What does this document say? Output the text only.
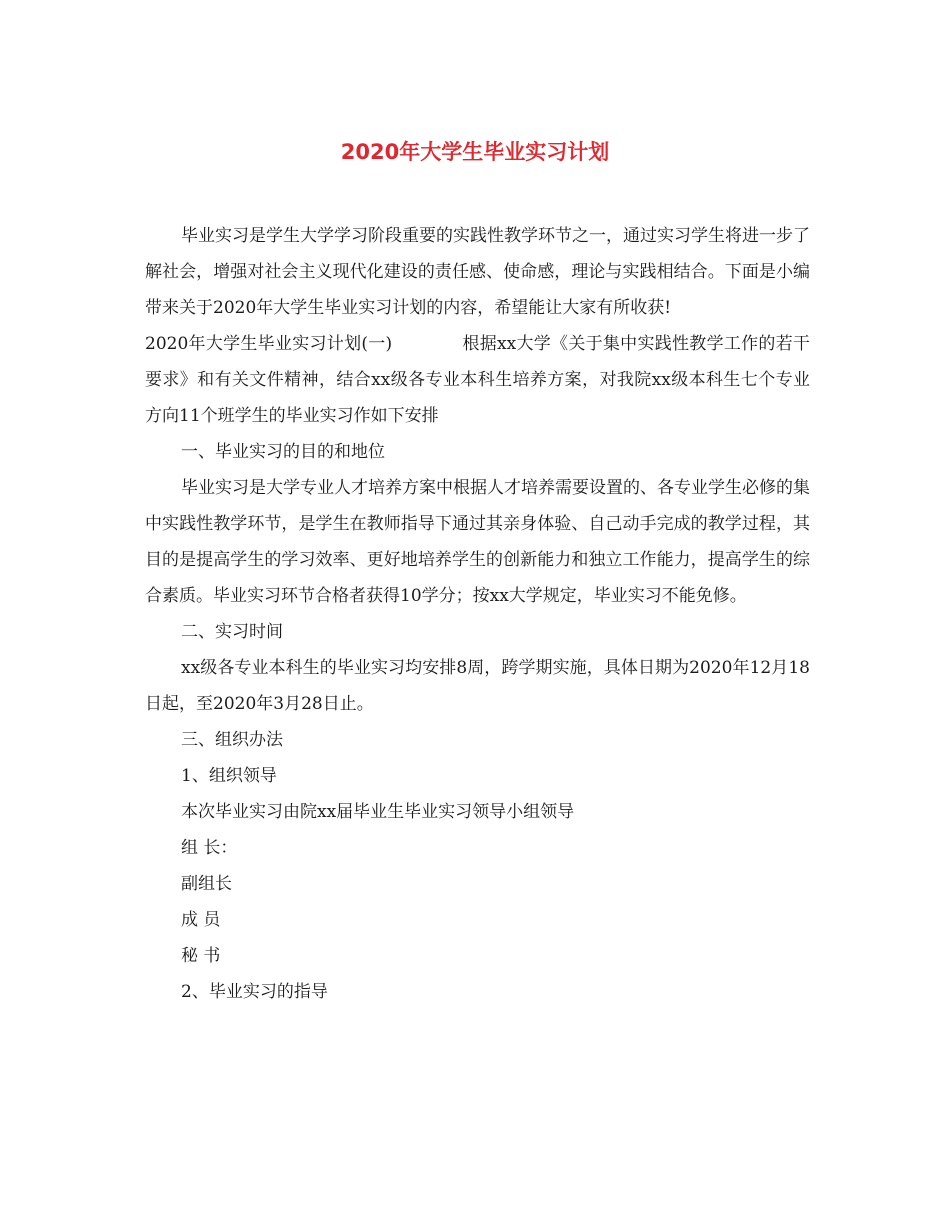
2020年大学生毕业实习计划

毕业实习是学生大学学习阶段重要的实践性教学环节之一，通过实习学生将进一步了解社会，增强对社会主义现代化建设的责任感、使命感，理论与实践相结合。下面是小编带来关于2020年大学生毕业实习计划的内容，希望能让大家有所收获!

2020年大学生毕业实习计划(一)	根据xx大学《关于集中实践性教学工作的若干要求》和有关文件精神，结合xx级各专业本科生培养方案，对我院xx级本科生七个专业方向11个班学生的毕业实习作如下安排

一、毕业实习的目的和地位

毕业实习是大学专业人才培养方案中根据人才培养需要设置的、各专业学生必修的集中实践性教学环节，是学生在教师指导下通过其亲身体验、自己动手完成的教学过程，其目的是提高学生的学习效率、更好地培养学生的创新能力和独立工作能力，提高学生的综合素质。毕业实习环节合格者获得10学分；按xx大学规定，毕业实习不能免修。

二、实习时间

xx级各专业本科生的毕业实习均安排8周，跨学期实施，具体日期为2020年12月18日起，至2020年3月28日止。

三、组织办法

1、组织领导

本次毕业实习由院xx届毕业生毕业实习领导小组领导

组 长：

副组长

成 员

秘 书

2、毕业实习的指导
